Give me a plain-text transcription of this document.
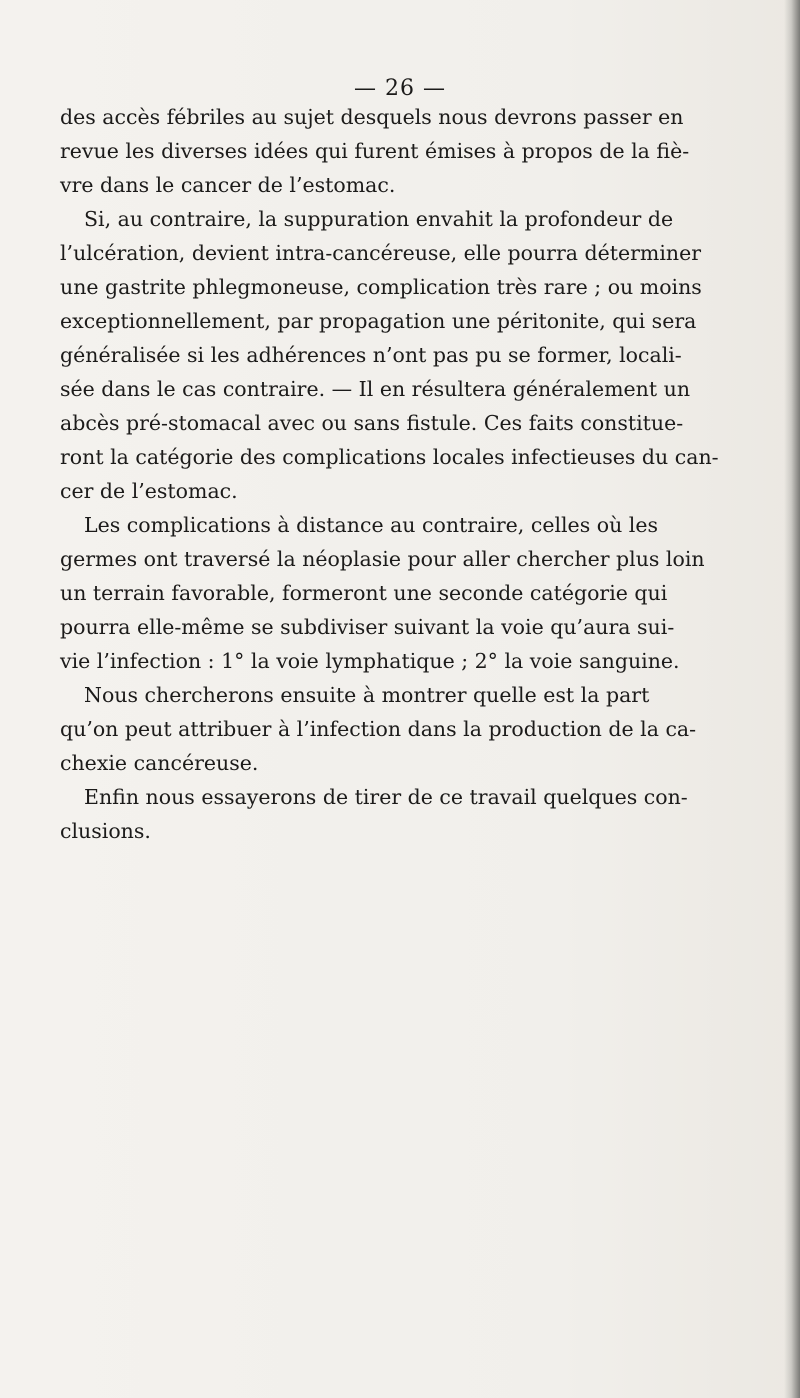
— 26 —
des accès fébriles au sujet desquels nous devrons passer en
revue les diverses idées qui furent émises à propos de la fiè-
vre dans le cancer de l’estomac.
Si, au contraire, la suppuration envahit la profondeur de
l’ulcération, devient intra-cancéreuse, elle pourra déterminer
une gastrite phlegmoneuse, complication très rare ; ou moins
exceptionnellement, par propagation une péritonite, qui sera
généralisée si les adhérences n’ont pas pu se former, locali-
sée dans le cas contraire. — Il en résultera généralement un
abcès pré-stomacal avec ou sans fistule. Ces faits constitue-
ront la catégorie des complications locales infectieuses du can-
cer de l’estomac.
Les complications à distance au contraire, celles où les
germes ont traversé la néoplasie pour aller chercher plus loin
un terrain favorable, formeront une seconde catégorie qui
pourra elle-même se subdiviser suivant la voie qu’aura sui-
vie l’infection : 1° la voie lymphatique ; 2° la voie sanguine.
Nous chercherons ensuite à montrer quelle est la part
qu’on peut attribuer à l’infection dans la production de la ca-
chexie cancéreuse.
Enfin nous essayerons de tirer de ce travail quelques con-
clusions.
